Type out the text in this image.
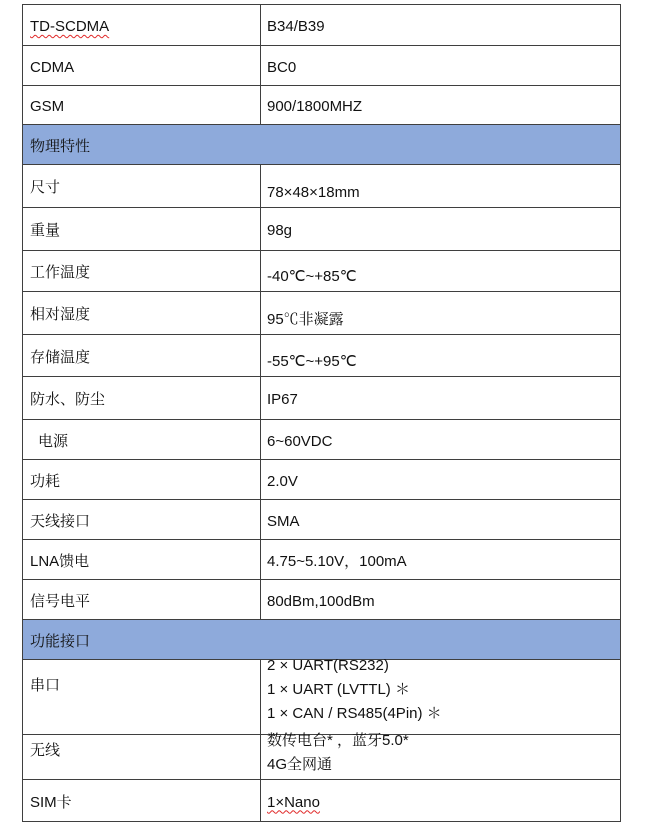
TD-SCDMA	B34/B39
CDMA	BC0
GSM	900/1800MHZ
物理特性	
尺寸	78×48×18mm
重量	98g
工作温度	-40℃~+85℃
相对湿度	95℃非凝露
存储温度	-55℃~+95℃
防水、防尘	IP67
电源	6~60VDC
功耗	2.0V
天线接口	SMA
LNA馈电	4.75~5.10V，100mA
信号电平	80dBm,100dBm
功能接口	
串口	2 × UART(RS232)
1 × UART (LVTTL) ＊
1 × CAN / RS485(4Pin) ＊

无线	数传电台* ，蓝牙5.0*
4G全网通

SIM卡	1×Nano
